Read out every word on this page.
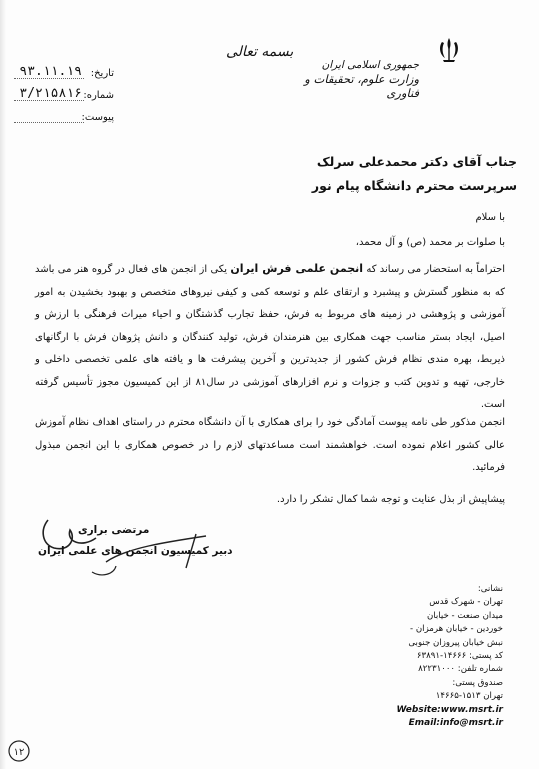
جمهوری اسلامی ایران
وزارت علوم، تحقیقات و فناوری
بسمه تعالی
تاریخ:
۹۳.۱۱.۱۹
شماره:
۳/۲۱۵۸۱۶
پیوست:
جناب آقای دکتر محمدعلی سرلک
سرپرست محترم دانشگاه پیام نور
با سلام
با صلوات بر محمد (ص) و آل محمد،
احتراماً به استحضار می رساند که انجمن علمی فرش ایران یکی از انجمن های فعال در گروه هنر می باشد که به منظور گسترش و پیشبرد و ارتقای علم و توسعه کمی و کیفی نیروهای متخصص و بهبود بخشیدن به امور آموزشی و پژوهشی در زمینه های مربوط به فرش، حفظ تجارب گذشتگان و احیاء میراث فرهنگی با ارزش و اصیل، ایجاد بستر مناسب جهت همکاری بین هنرمندان فرش، تولید کنندگان و دانش پژوهان فرش با ارگانهای ذیربط، بهره مندی نظام فرش کشور از جدیدترین و آخرین پیشرفت ها و یافته های علمی تخصصی داخلی و خارجی، تهیه و تدوین کتب و جزوات و نرم افزارهای آموزشی در سال۸۱ از این کمیسیون مجوز تأسیس گرفته است.
انجمن مذکور طی نامه پیوست آمادگی خود را برای همکاری با آن دانشگاه محترم در راستای اهداف نظام آموزش عالی کشور اعلام نموده است. خواهشمند است مساعدتهای لازم را در خصوص همکاری با این انجمن مبذول فرمائید.
پیشاپیش از بذل عنایت و توجه شما کمال تشکر را دارد.
مرتضی براری
دبیر کمیسیون انجمن های علمی ایران
نشانی:
تهران - شهرک قدس
میدان صنعت - خیابان
خوردین - خیابان هرمزان -
نبش خیابان پیروزان جنوبی
کد پستی: ۱۴۶۶۶-۶۳۸۹۱
شماره تلفن: ۸۲۲۳۱۰۰۰
صندوق پستی:
تهران ۱۵۱۳-۱۴۶۶۵
Website:www.msrt.ir
Email:info@msrt.ir
۱۲
